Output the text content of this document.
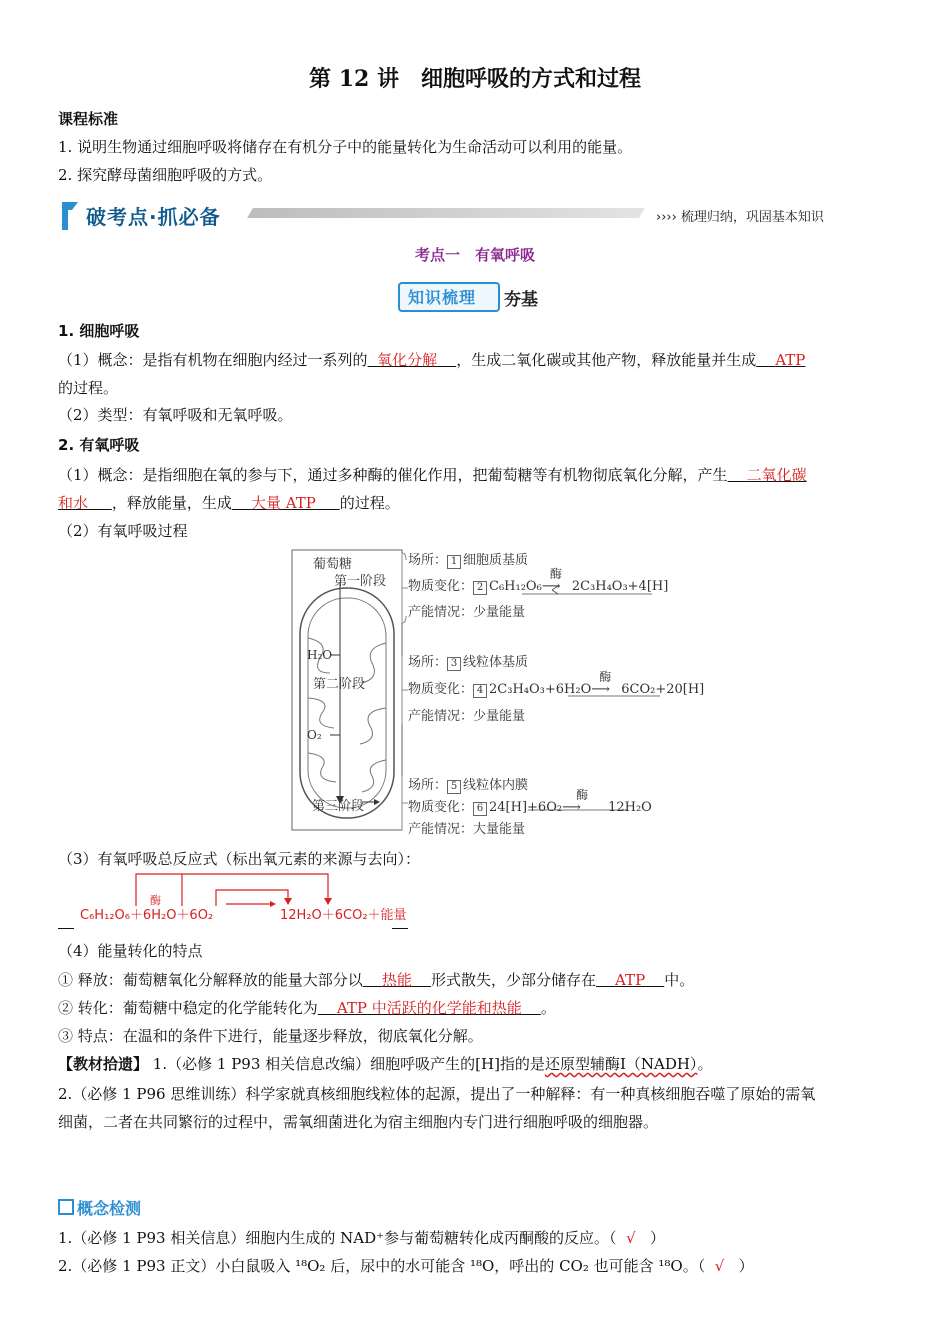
第 12 讲　细胞呼吸的方式和过程
课程标准
1. 说明生物通过细胞呼吸将储存在有机分子中的能量转化为生命活动可以利用的能量。
2. 探究酵母菌细胞呼吸的方式。
破考点·抓必备	›››› 梳理归纳，巩固基本知识
考点一　有氧呼吸
知识梳理 夯基
1. 细胞呼吸
（1）概念：是指有机物在细胞内经过一系列的 氧化分解 ，生成二氧化碳或其他产物，释放能量并生成 ATP
的过程。
（2）类型：有氧呼吸和无氧呼吸。
2. 有氧呼吸
（1）概念：是指细胞在氧的参与下，通过多种酶的催化作用，把葡萄糖等有机物彻底氧化分解，产生 二氧化碳
和水 ，释放能量，生成 大量 ATP 的过程。
（2）有氧呼吸过程
葡萄糖
第一阶段
H₂O
第二阶段
O₂
第三阶段
场所： 1 细胞质基质
物质变化： 2 C₆H₁₂O₆
酶
⟶ 2C₃H₄O₃+4[H]
产能情况：少量能量
场所： 3 线粒体基质
物质变化： 4 2C₃H₄O₃+6H₂O
酶
⟶ 6CO₂+20[H]
产能情况：少量能量
场所： 5 线粒体内膜
物质变化： 6 24[H]+6O₂
酶
⟶ 12H₂O
产能情况：大量能量
（3）有氧呼吸总反应式（标出氧元素的来源与去向）：
酶
C₆H₁₂O₆＋6H₂O＋6O₂	12H₂O＋6CO₂＋能量
（4）能量转化的特点
① 释放：葡萄糖氧化分解释放的能量大部分以 热能 形式散失，少部分储存在 ATP 中。
② 转化：葡萄糖中稳定的化学能转化为 ATP 中活跃的化学能和热能 。
③ 特点：在温和的条件下进行，能量逐步释放，彻底氧化分解。
【教材拾遗】 1.（必修 1 P93 相关信息改编）细胞呼吸产生的[H]指的是还原型辅酶Ⅰ（NADH）。
2.（必修 1 P96 思维训练）科学家就真核细胞线粒体的起源，提出了一种解释：有一种真核细胞吞噬了原始的需氧
细菌，二者在共同繁衍的过程中，需氧细菌进化为宿主细胞内专门进行细胞呼吸的细胞器。
概念检测
1.（必修 1 P93 相关信息）细胞内生成的 NAD⁺参与葡萄糖转化成丙酮酸的反应。（ √ ）
2.（必修 1 P93 正文）小白鼠吸入 ¹⁸O₂ 后，尿中的水可能含 ¹⁸O，呼出的 CO₂ 也可能含 ¹⁸O。（ √ ）
